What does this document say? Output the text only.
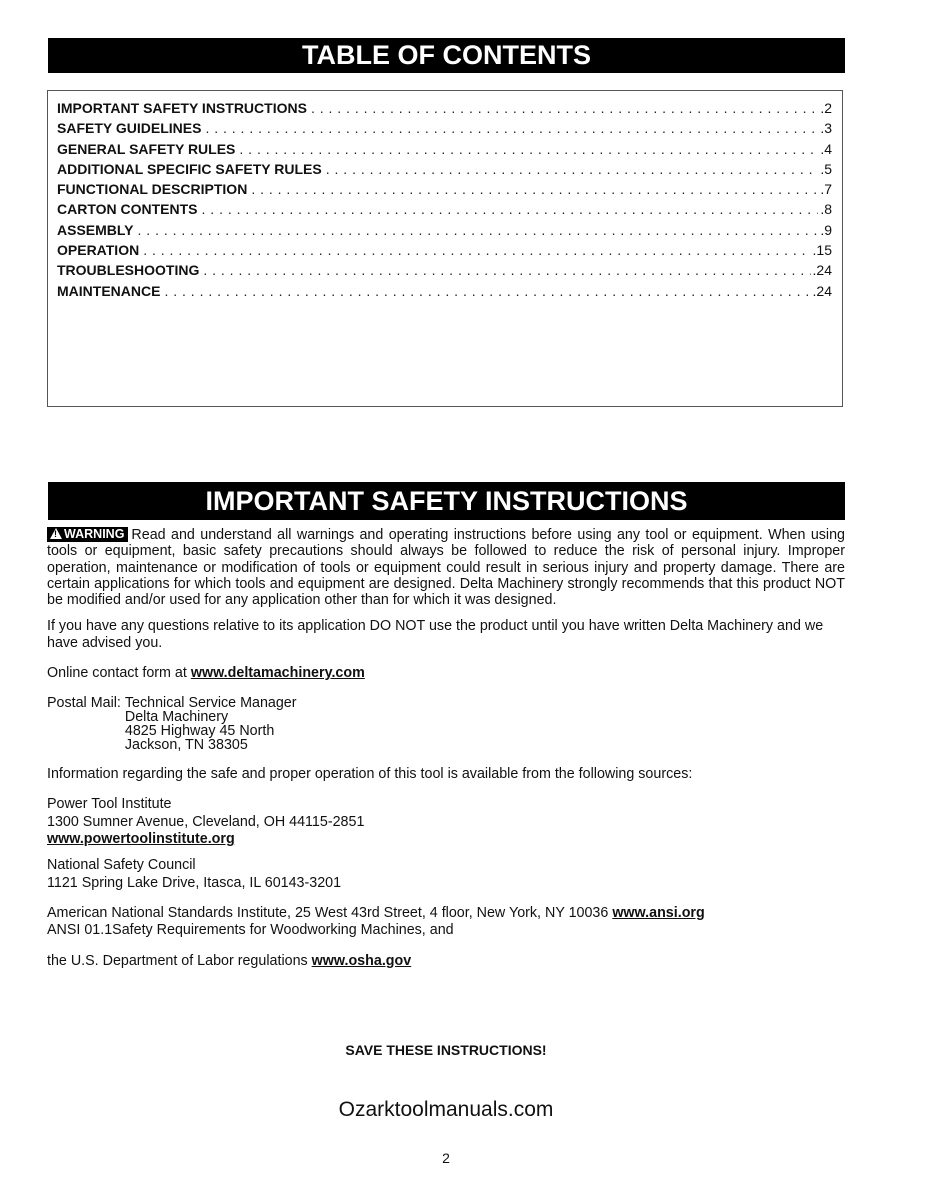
TABLE OF CONTENTS
IMPORTANT SAFETY INSTRUCTIONS . . .	.2
SAFETY GUIDELINES . . .	.3
GENERAL SAFETY RULES . . .	.4
ADDITIONAL SPECIFIC SAFETY RULES . . .	.5
FUNCTIONAL DESCRIPTION . . .	.7
CARTON CONTENTS . . .	.8
ASSEMBLY . . .	.9
OPERATION . . .	.15
TROUBLESHOOTING . . .	.24
MAINTENANCE . . .	.24
IMPORTANT SAFETY INSTRUCTIONS

! WARNING Read and understand all warnings and operating instructions before using any tool or equipment. When using tools or equipment, basic safety precautions should always be followed to reduce the risk of personal injury. Improper operation, maintenance or modification of tools or equipment could result in serious injury and property damage. There are certain applications for which tools and equipment are designed. Delta Machinery strongly recommends that this product NOT be modified and/or used for any application other than for which it was designed.

If you have any questions relative to its application DO NOT use the product until you have written Delta Machinery and we have advised you.

Online contact form at www.deltamachinery.com

Postal Mail: Technical Service Manager
Delta Machinery
4825 Highway 45 North
Jackson, TN 38305

Information regarding the safe and proper operation of this tool is available from the following sources:

Power Tool Institute

1300 Sumner Avenue, Cleveland, OH 44115-2851

www.powertoolinstitute.org

National Safety Council

1121 Spring Lake Drive, Itasca, IL 60143-3201

American National Standards Institute, 25 West 43rd Street, 4 floor, New York, NY 10036 www.ansi.org

ANSI 01.1Safety Requirements for Woodworking Machines, and

the U.S. Department of Labor regulations www.osha.gov

SAVE THESE INSTRUCTIONS!
Ozarktoolmanuals.com
2
